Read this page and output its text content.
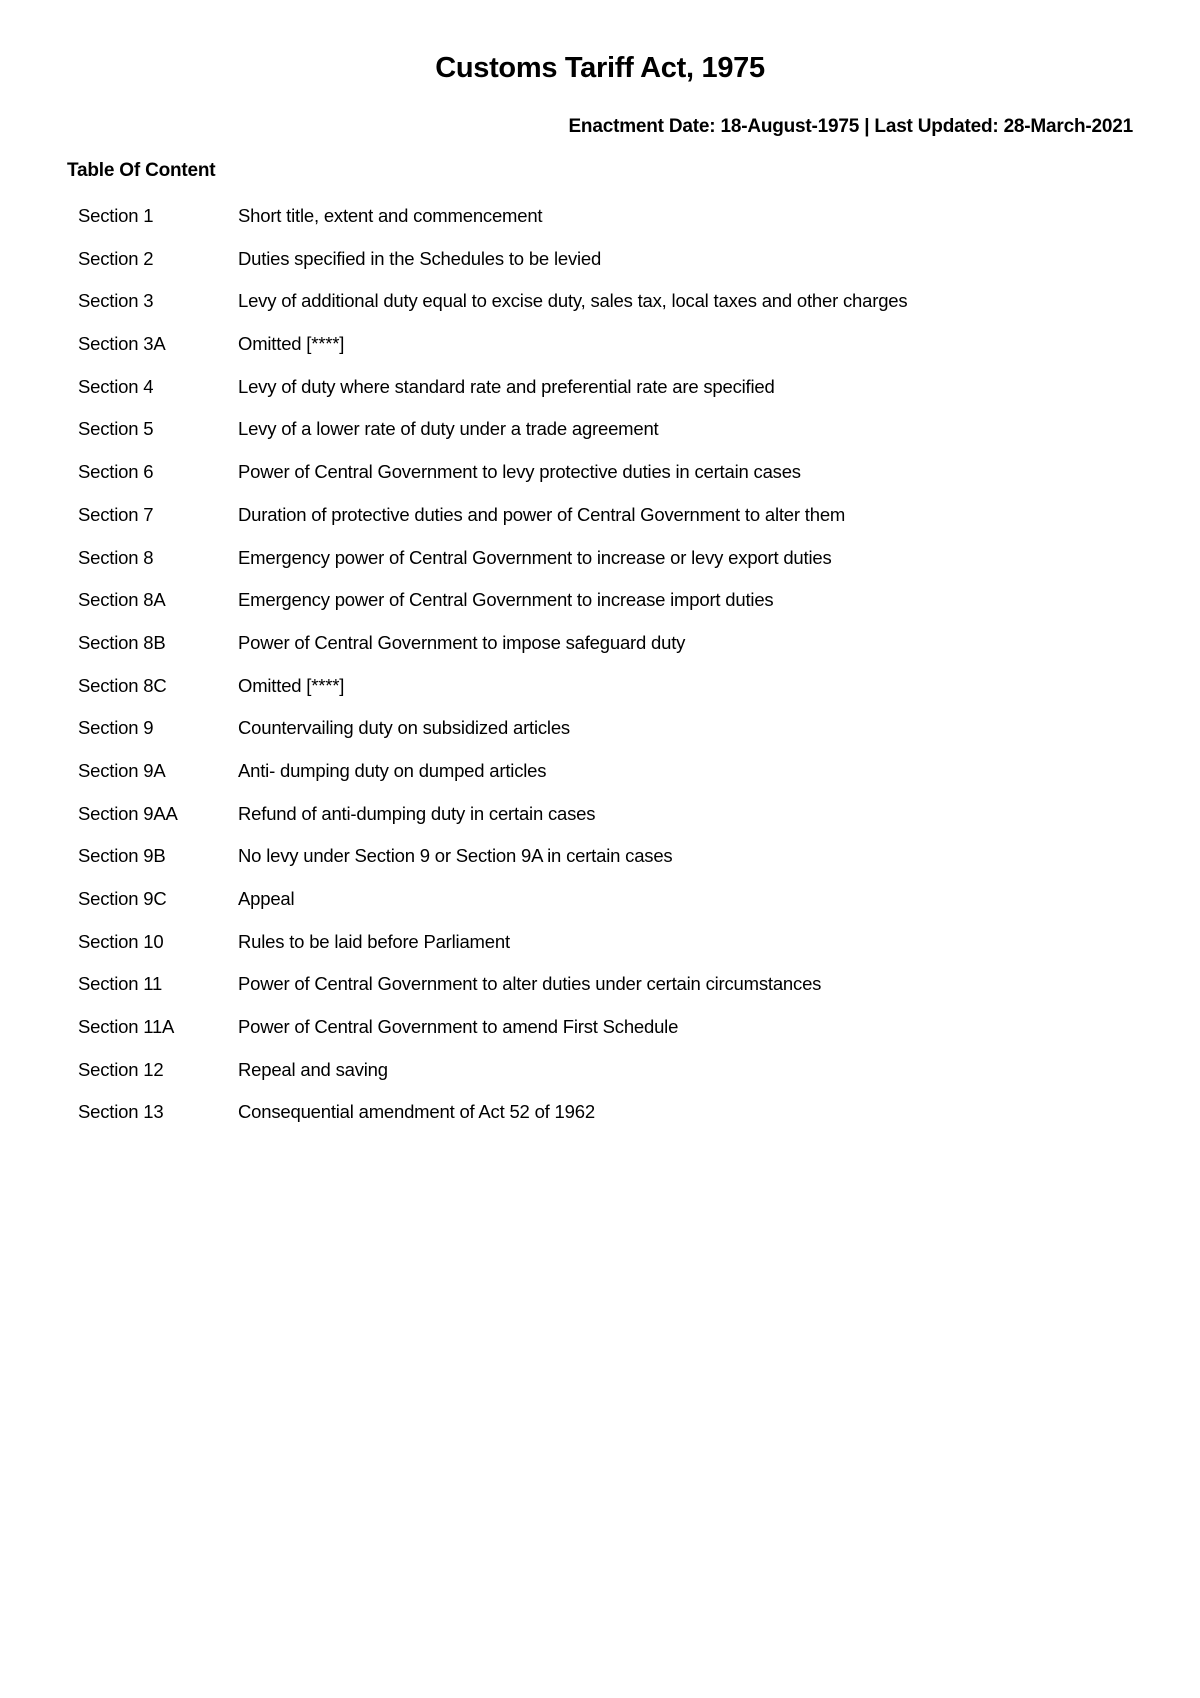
Customs Tariff Act, 1975
Enactment Date: 18-August-1975 | Last Updated: 28-March-2021
Table Of Content
Section 1	Short title, extent and commencement
Section 2	Duties specified in the Schedules to be levied
Section 3	Levy of additional duty equal to excise duty, sales tax, local taxes and other charges
Section 3A	Omitted [****]
Section 4	Levy of duty where standard rate and preferential rate are specified
Section 5	Levy of a lower rate of duty under a trade agreement
Section 6	Power of Central Government to levy protective duties in certain cases
Section 7	Duration of protective duties and power of Central Government to alter them
Section 8	Emergency power of Central Government to increase or levy export duties
Section 8A	Emergency power of Central Government to increase import duties
Section 8B	Power of Central Government to impose safeguard duty
Section 8C	Omitted [****]
Section 9	Countervailing duty on subsidized articles
Section 9A	Anti- dumping duty on dumped articles
Section 9AA	Refund of anti-dumping duty in certain cases
Section 9B	No levy under Section 9 or Section 9A in certain cases
Section 9C	Appeal
Section 10	Rules to be laid before Parliament
Section 11	Power of Central Government to alter duties under certain circumstances
Section 11A	Power of Central Government to amend First Schedule
Section 12	Repeal and saving
Section 13	Consequential amendment of Act 52 of 1962
